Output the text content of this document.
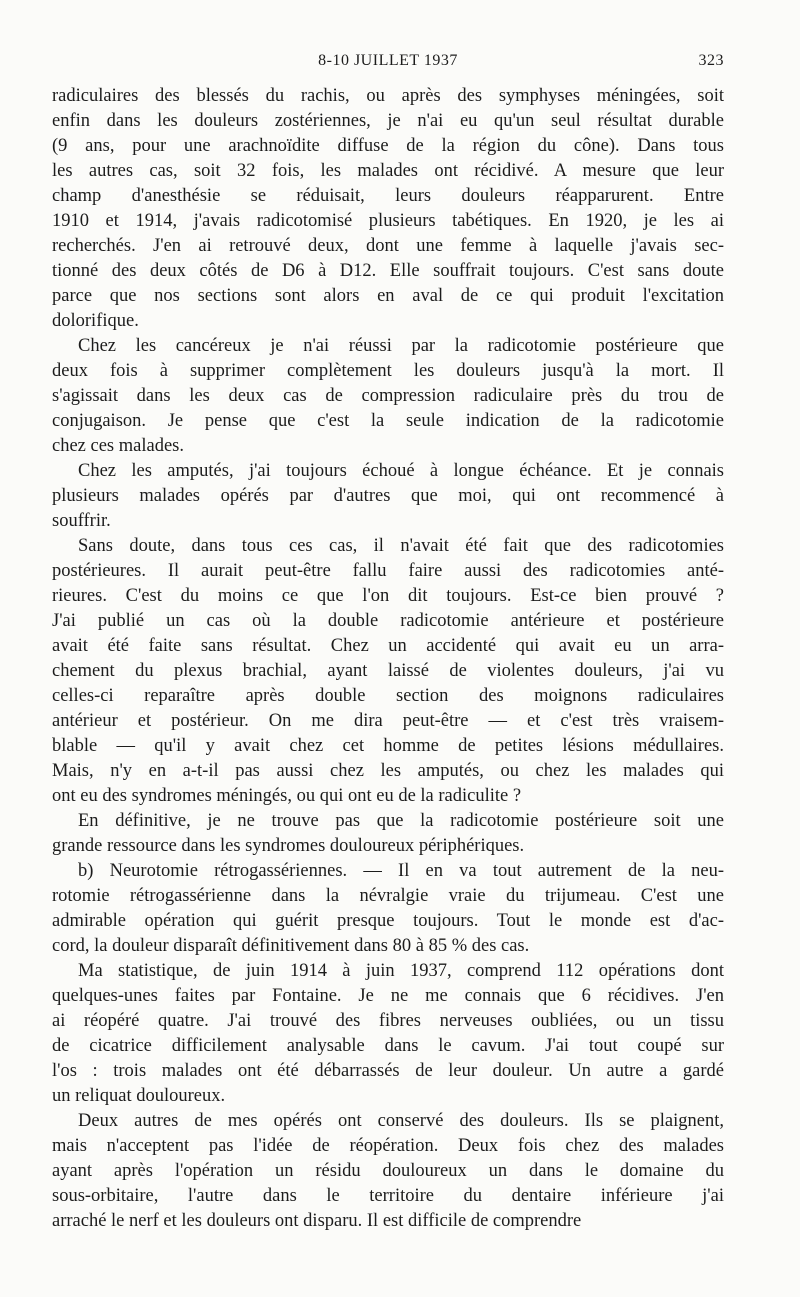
8-10 JUILLET 1937	323

radiculaires des blessés du rachis, ou après des symphyses méningées, soit
enfin dans les douleurs zostériennes, je n'ai eu qu'un seul résultat durable
(9 ans, pour une arachnoïdite diffuse de la région du cône). Dans tous
les autres cas, soit 32 fois, les malades ont récidivé. A mesure que leur
champ d'anesthésie se réduisait, leurs douleurs réapparurent. Entre
1910 et 1914, j'avais radicotomisé plusieurs tabétiques. En 1920, je les ai
recherchés. J'en ai retrouvé deux, dont une femme à laquelle j'avais sec-
tionné des deux côtés de D6 à D12. Elle souffrait toujours. C'est sans doute
parce que nos sections sont alors en aval de ce qui produit l'excitation
dolorifique.

Chez les cancéreux je n'ai réussi par la radicotomie postérieure que
deux fois à supprimer complètement les douleurs jusqu'à la mort. Il
s'agissait dans les deux cas de compression radiculaire près du trou de
conjugaison. Je pense que c'est la seule indication de la radicotomie
chez ces malades.

Chez les amputés, j'ai toujours échoué à longue échéance. Et je connais
plusieurs malades opérés par d'autres que moi, qui ont recommencé à
souffrir.

Sans doute, dans tous ces cas, il n'avait été fait que des radicotomies
postérieures. Il aurait peut-être fallu faire aussi des radicotomies anté-
rieures. C'est du moins ce que l'on dit toujours. Est-ce bien prouvé ?
J'ai publié un cas où la double radicotomie antérieure et postérieure
avait été faite sans résultat. Chez un accidenté qui avait eu un arra-
chement du plexus brachial, ayant laissé de violentes douleurs, j'ai vu
celles-ci reparaître après double section des moignons radiculaires
antérieur et postérieur. On me dira peut-être — et c'est très vraisem-
blable — qu'il y avait chez cet homme de petites lésions médullaires.
Mais, n'y en a-t-il pas aussi chez les amputés, ou chez les malades qui
ont eu des syndromes méningés, ou qui ont eu de la radiculite ?

En définitive, je ne trouve pas que la radicotomie postérieure soit une
grande ressource dans les syndromes douloureux périphériques.

b) Neurotomie rétrogassériennes. — Il en va tout autrement de la neu-
rotomie rétrogassérienne dans la névralgie vraie du trijumeau. C'est une
admirable opération qui guérit presque toujours. Tout le monde est d'ac-
cord, la douleur disparaît définitivement dans 80 à 85 % des cas.

Ma statistique, de juin 1914 à juin 1937, comprend 112 opérations dont
quelques-unes faites par Fontaine. Je ne me connais que 6 récidives. J'en
ai réopéré quatre. J'ai trouvé des fibres nerveuses oubliées, ou un tissu
de cicatrice difficilement analysable dans le cavum. J'ai tout coupé sur
l'os : trois malades ont été débarrassés de leur douleur. Un autre a gardé
un reliquat douloureux.

Deux autres de mes opérés ont conservé des douleurs. Ils se plaignent,
mais n'acceptent pas l'idée de réopération. Deux fois chez des malades
ayant après l'opération un résidu douloureux un dans le domaine du
sous-orbitaire, l'autre dans le territoire du dentaire inférieure j'ai
arraché le nerf et les douleurs ont disparu. Il est difficile de comprendre
